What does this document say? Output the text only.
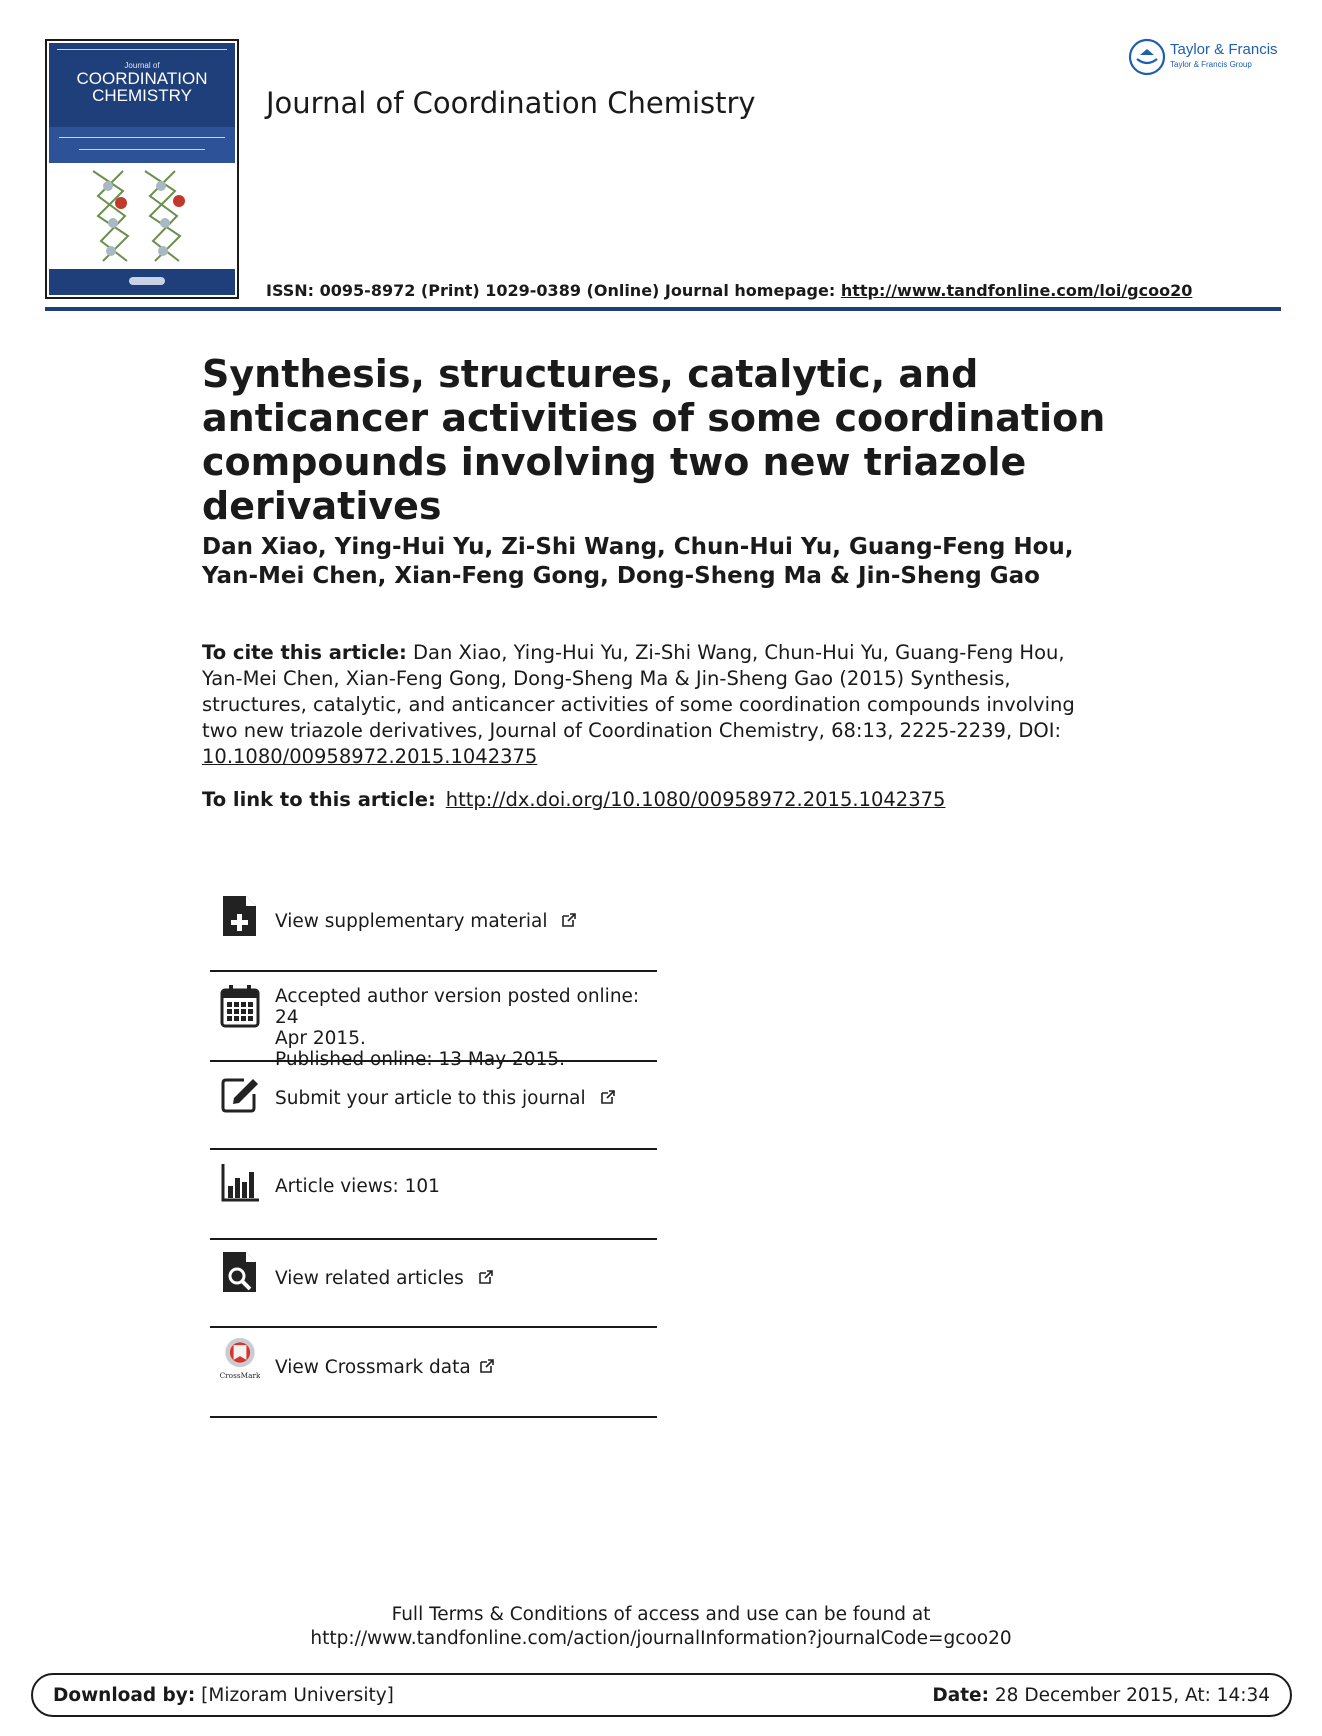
Journal of
COORDINATION
CHEMISTRY	Journal of Coordination Chemistry
ISSN: 0095-8972 (Print) 1029-0389 (Online) Journal homepage: http://www.tandfonline.com/loi/gcoo20
Taylor & Francis
Taylor & Francis Group
Synthesis, structures, catalytic, and anticancer activities of some coordination compounds involving two new triazole derivatives
Dan Xiao, Ying-Hui Yu, Zi-Shi Wang, Chun-Hui Yu, Guang-Feng Hou, Yan-Mei Chen, Xian-Feng Gong, Dong-Sheng Ma & Jin-Sheng Gao
To cite this article: Dan Xiao, Ying-Hui Yu, Zi-Shi Wang, Chun-Hui Yu, Guang-Feng Hou, Yan-Mei Chen, Xian-Feng Gong, Dong-Sheng Ma & Jin-Sheng Gao (2015) Synthesis, structures, catalytic, and anticancer activities of some coordination compounds involving two new triazole derivatives, Journal of Coordination Chemistry, 68:13, 2225-2239, DOI: 10.1080/00958972.2015.1042375
To link to this article: http://dx.doi.org/10.1080/00958972.2015.1042375
View supplementary material
Accepted author version posted online: 24
Apr 2015.
Published online: 13 May 2015.
Submit your article to this journal
Article views: 101
View related articles
CrossMark View Crossmark data
Full Terms & Conditions of access and use can be found at
http://www.tandfonline.com/action/journalInformation?journalCode=gcoo20
Download by: [Mizoram University]	Date: 28 December 2015, At: 14:34
